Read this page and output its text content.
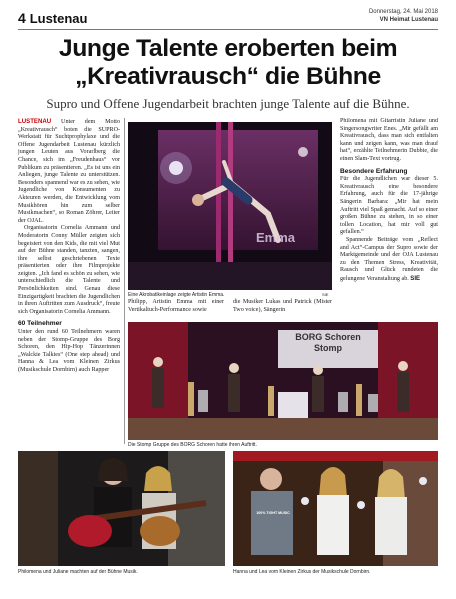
4 Lustenau	Donnerstag, 24. Mai 2018
VN Heimat Lustenau
Junge Talente eroberten beim
„Kreativrausch“ die Bühne
Supro und Offene Jugendarbeit brachten junge Talente auf die Bühne.

LUSTENAU Unter dem Motto „Kreativrausch“ boten die SUPRO-Werkstatt für Suchtprophylaxe und die Offene Jugendarbeit Lustenau kürzlich jungen Leuten aus Vorarlberg die Chance, sich im „Freudenhaus“ vor Publikum zu präsentieren. „Es ist uns ein Anliegen, junge Talente zu unterstützen. Besonders spannend war es zu sehen, wie Jugendliche von Konsumenten zu Akteuren werden, die Entwicklung vom Musikhören hin zum selber Musikmachen“, so Roman Zöhrer, Leiter der OJAL.

Organisatorin Cornelia Ammann und Moderatorin Conny Müller zeigten sich begeistert von den Kids, die mit viel Mut auf der Bühne standen, tanzten, sangen, ihre selbst geschriebenen Texte präsentierten oder ihre Filmprojekte zeigten. „Ich fand es schön zu sehen, wie unterschiedlich die Talente und Persönlichkeiten sind. Genau diese Einzigartigkeit brachten die Jugendlichen in ihren Auftritten zum Ausdruck“, freute sich Organisatorin Cornelia Ammann.

60 Teilnehmer

Unter den rund 60 Teilnehmern waren neben der Stomp-Gruppe des Borg Schoren, den Hip-Hop Tänzerinnen „Walckie Talkies“ (One step ahead) und Hanna & Lea vom Kleinen Zirkus (Musikschule Dornbirn) auch Rapper

Emma
Eine Akrobatikeinlage zeigte Artistin Emma.	SIE

Philipp, Artistin Emma mit einer Vertikaltuch-Performance sowie

die Musiker Lukas und Patrick (Mister Two voice), Sängerin

Philomena mit Gitarristin Juliane und Singersongwriter Enes. „Mir gefällt am Kreativrausch, dass man sich entfalten kann und zeigen kann, was man drauf hat“, erzählte Teilnehmerin Dubbie, die einen Slam-Text vortrug.

Besondere Erfahrung

Für die Jugendlichen war dieser 5. Kreativrausch eine besondere Erfahrung, auch für die 17-jährige Sängerin Barbara: „Mir hat mein Auftritt viel Spaß gemacht. Auf so einer großen Bühne zu stehen, in so einer tollen Location, hat mir voll gut gefallen.“

Spannende Beiträge vom „Reflect and Act“-Campus der Supro sowie der Marktgemeinde und der OJA Lustenau zu den Themen Stress, Kreativität, Rausch und Glück rundeten die gelungene Veranstaltung ab. SIE

BORG Schoren
Stomp
Die Stomp Gruppe des BORG Schoren hatte ihren Auftritt.
Philomena und Juliane machten auf der Bühne Musik.
100% TIGHT MUSIC
Hanna und Lea vom Kleinen Zirkus der Musikschule Dornbirn.
